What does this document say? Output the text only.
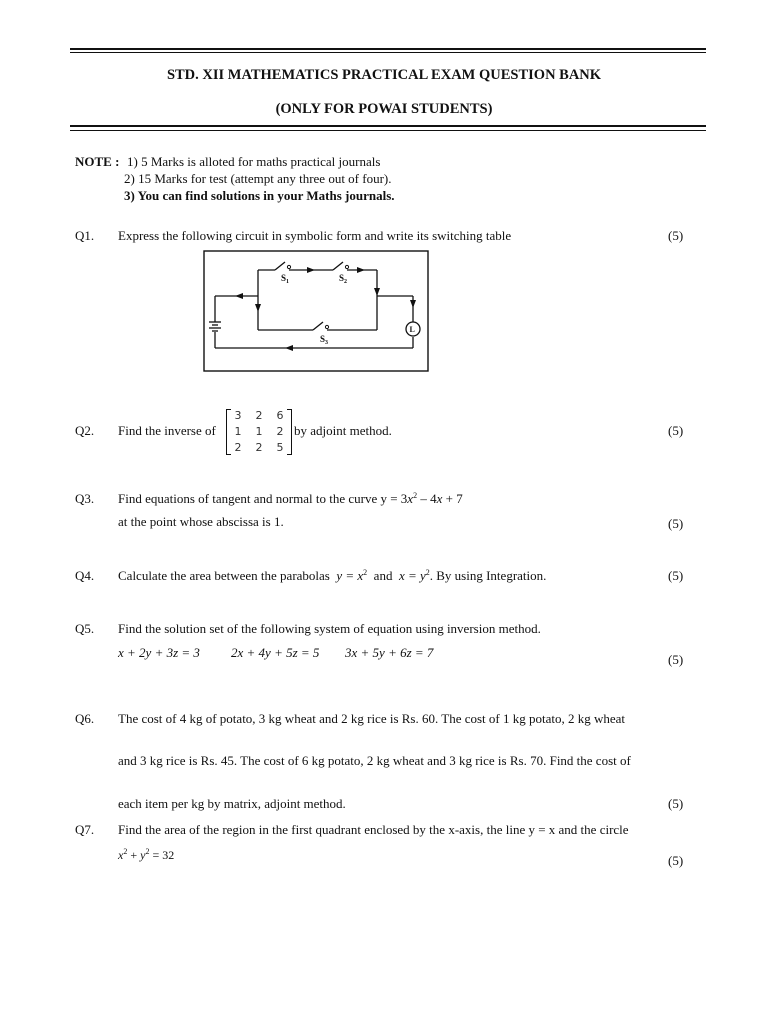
STD. XII MATHEMATICS PRACTICAL EXAM QUESTION BANK
(ONLY FOR POWAI STUDENTS)
NOTE : 1) 5 Marks is alloted for maths practical journals
2) 15 Marks for test (attempt any three out of four).
3) You can find solutions in your Maths journals.
Q1. Express the following circuit in symbolic form and write its switching table	(5)
$S_1$	$S_2$
$S_3$
L
Q2. Find the inverse of
3	2	6
1	1	2
2	2	5
by adjoint method.	(5)
Q3. Find equations of tangent and normal to the curve $y = 3x^2 - 4x + 7$
at the point whose abscissa is 1.	(5)
Q4. Calculate the area between the parabolas $y = x^2$ and $x = y^2$. By using Integration.	(5)
Q5. Find the solution set of the following system of equation using inversion method.
x + 2y + 3z = 3 2x + 4y + 5z = 5 3x + 5y + 6z = 7	(5)
Q6. The cost of 4 kg of potato, 3 kg wheat and 2 kg rice is Rs. 60. The cost of 1 kg potato, 2 kg wheat
and 3 kg rice is Rs. 45. The cost of 6 kg potato, 2 kg wheat and 3 kg rice is Rs. 70. Find the cost of
each item per kg by matrix, adjoint method.	(5)
Q7. Find the area of the region in the first quadrant enclosed by the x-axis, the line y = x and the circle
$x^2 + y^2 = 32$	(5)
